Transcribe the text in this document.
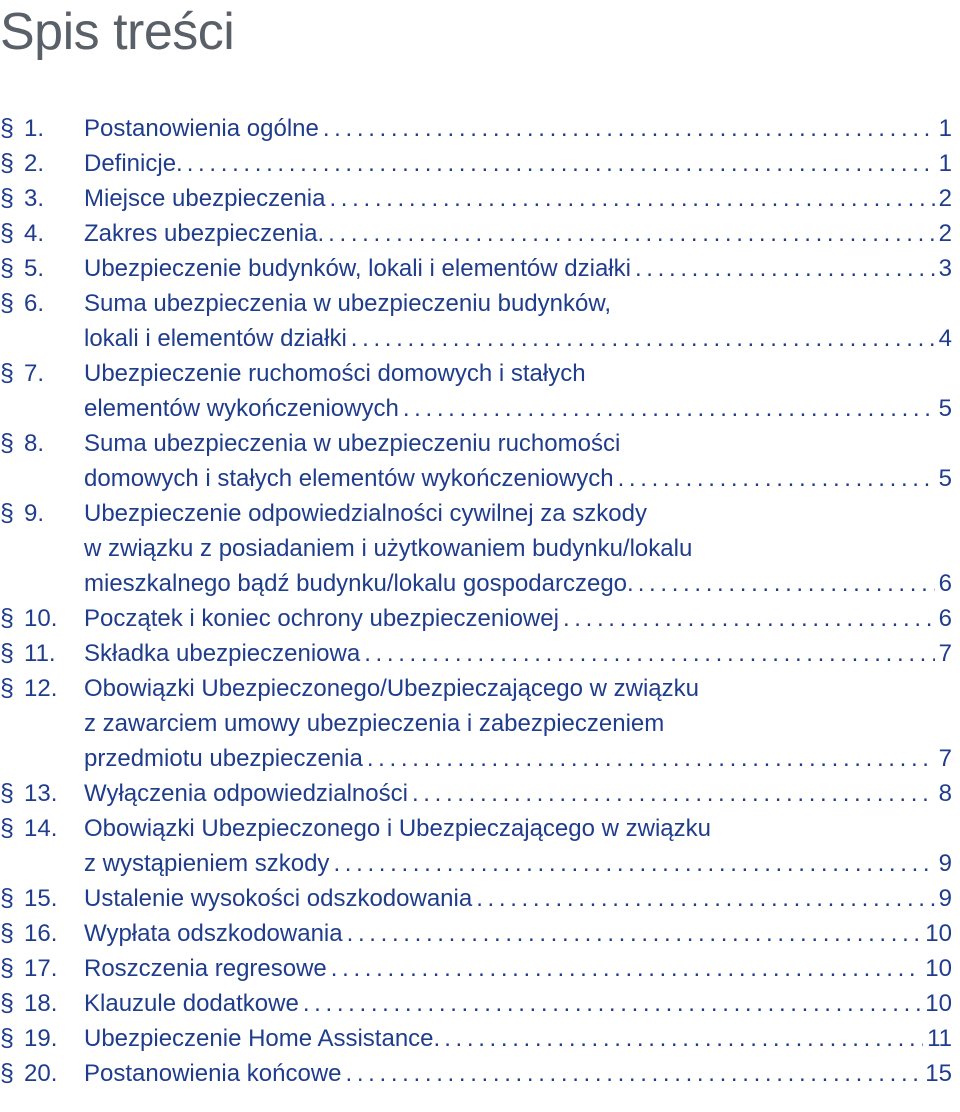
Spis treści
§ 1. Postanowienia ogólne . . .	1
§ 2. Definicje. . . .	1
§ 3. Miejsce ubezpieczenia . . .	2
§ 4. Zakres ubezpieczenia. . . .	2
§ 5. Ubezpieczenie budynków, lokali i elementów działki . . .	3
§ 6. Suma ubezpieczenia w ubezpieczeniu budynków,
lokali i elementów działki . . .	4
§ 7. Ubezpieczenie ruchomości domowych i stałych
elementów wykończeniowych . . .	5
§ 8. Suma ubezpieczenia w ubezpieczeniu ruchomości
domowych i stałych elementów wykończeniowych . . .	5
§ 9. Ubezpieczenie odpowiedzialności cywilnej za szkody
w związku z posiadaniem i użytkowaniem budynku/lokalu
mieszkalnego bądź budynku/lokalu gospodarczego. . . .	6
§ 10. Początek i koniec ochrony ubezpieczeniowej . . .	6
§ 11. Składka ubezpieczeniowa . . .	7
§ 12. Obowiązki Ubezpieczonego/Ubezpieczającego w związku
z zawarciem umowy ubezpieczenia i zabezpieczeniem
przedmiotu ubezpieczenia . . .	7
§ 13. Wyłączenia odpowiedzialności . . .	8
§ 14. Obowiązki Ubezpieczonego i Ubezpieczającego w związku
z wystąpieniem szkody . . .	9
§ 15. Ustalenie wysokości odszkodowania . . .	9
§ 16. Wypłata odszkodowania . . .	10
§ 17. Roszczenia regresowe . . .	10
§ 18. Klauzule dodatkowe . . .	10
§ 19. Ubezpieczenie Home Assistance. . . .	11
§ 20. Postanowienia końcowe . . .	15
